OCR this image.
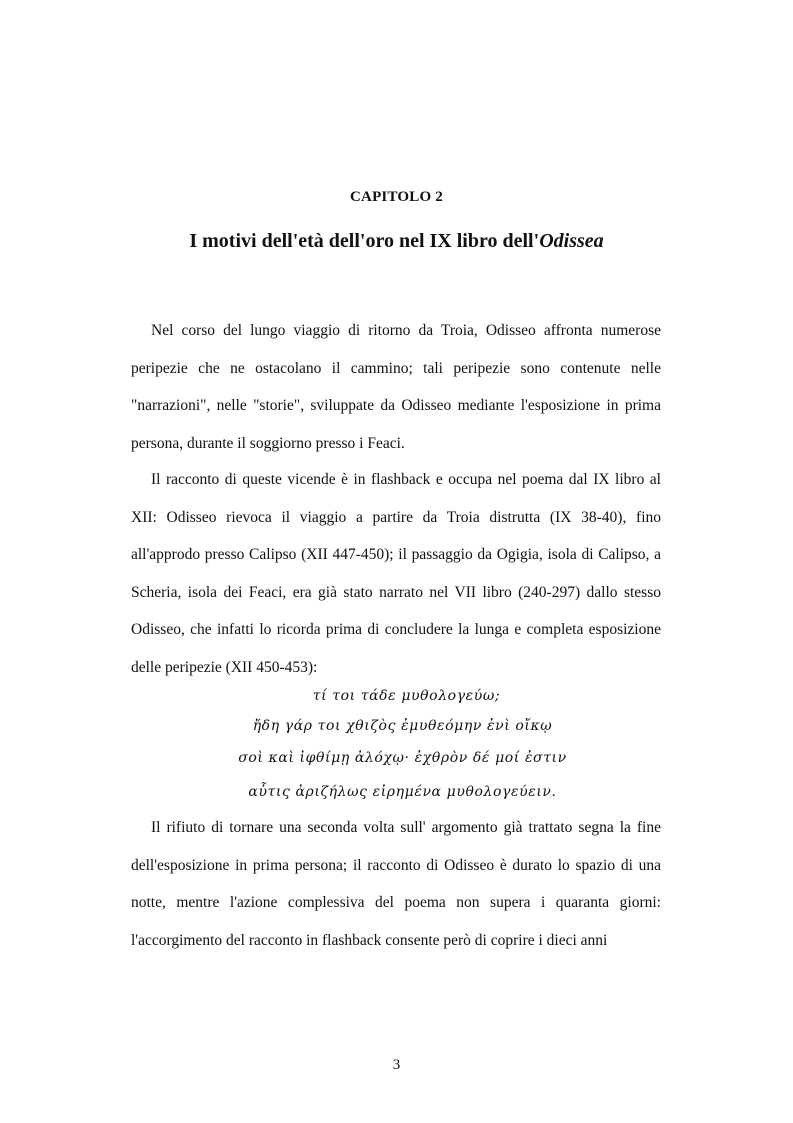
CAPITOLO 2
I motivi dell'età dell'oro nel IX libro dell'Odissea

Nel corso del lungo viaggio di ritorno da Troia, Odisseo affronta numerose peripezie che ne ostacolano il cammino; tali peripezie sono contenute nelle "narrazioni", nelle "storie", sviluppate da Odisseo mediante l'esposizione in prima persona, durante il soggiorno presso i Feaci.

Il racconto di queste vicende è in flashback e occupa nel poema dal IX libro al XII: Odisseo rievoca il viaggio a partire da Troia distrutta (IX 38-40), fino all'approdo presso Calipso (XII 447-450); il passaggio da Ogigia, isola di Calipso, a Scheria, isola dei Feaci, era già stato narrato nel VII libro (240-297) dallo stesso Odisseo, che infatti lo ricorda prima di concludere la lunga e completa esposizione delle peripezie (XII 450-453):

τί τοι τάδε μυθολογεύω;
ἤδη γάρ τοι χθιζὸς ἐμυθεόμην ἐνὶ οἴκῳ
σοὶ καὶ ἰφθίμῃ ἀλόχῳ· ἐχθρὸν δέ μοί ἐστιν
αὖτις ἀριζήλως εἰρημένα μυθολογεύειν.

Il rifiuto di tornare una seconda volta sull' argomento già trattato segna la fine dell'esposizione in prima persona; il racconto di Odisseo è durato lo spazio di una notte, mentre l'azione complessiva del poema non supera i quaranta giorni: l'accorgimento del racconto in flashback consente però di coprire i dieci anni

3
